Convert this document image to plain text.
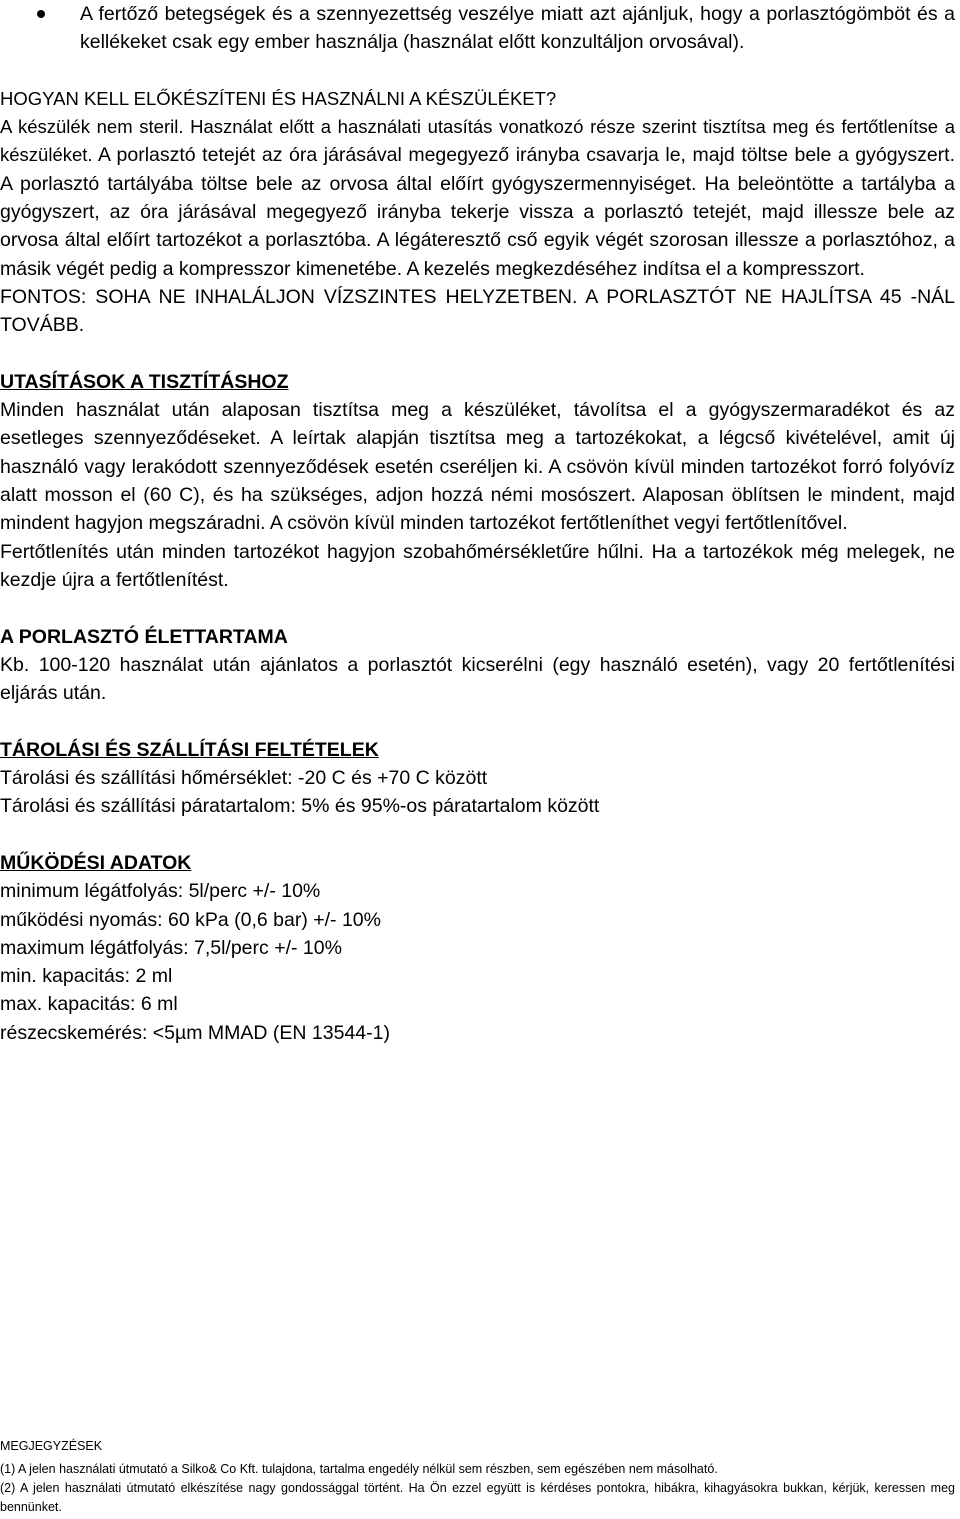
A fertőző betegségek és a szennyezettség veszélye miatt azt ajánljuk, hogy a porlasztógömböt és a kellékeket csak egy ember használja (használat előtt konzultáljon orvosával).

HOGYAN KELL ELŐKÉSZÍTENI ÉS HASZNÁLNI A KÉSZÜLÉKET?

A készülék nem steril. Használat előtt a használati utasítás vonatkozó része szerint tisztítsa meg és fertőtlenítse a készüléket. A porlasztó tetejét az óra járásával megegyező irányba csavarja le, majd töltse bele a gyógyszert. A porlasztó tartályába töltse bele az orvosa által előírt gyógyszermennyiséget. Ha beleöntötte a tartályba a gyógyszert, az óra járásával megegyező irányba tekerje vissza a porlasztó tetejét, majd illessze bele az orvosa által előírt tartozékot a porlasztóba. A légáteresztő cső egyik végét szorosan illessze a porlasztóhoz, a másik végét pedig a kompresszor kimenetébe. A kezelés megkezdéséhez indítsa el a kompresszort.

FONTOS: SOHA NE INHALÁLJON VÍZSZINTES HELYZETBEN. A PORLASZTÓT NE HAJLÍTSA 45 -NÁL TOVÁBB.

UTASÍTÁSOK A TISZTÍTÁSHOZ

Minden használat után alaposan tisztítsa meg a készüléket, távolítsa el a gyógyszermaradékot és az esetleges szennyeződéseket. A leírtak alapján tisztítsa meg a tartozékokat, a légcső kivételével, amit új használó vagy lerakódott szennyeződések esetén cseréljen ki. A csövön kívül minden tartozékot forró folyóvíz alatt mosson el (60 C), és ha szükséges, adjon hozzá némi mosószert. Alaposan öblítsen le mindent, majd mindent hagyjon megszáradni. A csövön kívül minden tartozékot fertőtleníthet vegyi fertőtlenítővel.

Fertőtlenítés után minden tartozékot hagyjon szobahőmérsékletűre hűlni. Ha a tartozékok még melegek, ne kezdje újra a fertőtlenítést.

A PORLASZTÓ ÉLETTARTAMA

Kb. 100-120 használat után ajánlatos a porlasztót kicserélni (egy használó esetén), vagy 20 fertőtlenítési eljárás után.

TÁROLÁSI ÉS SZÁLLÍTÁSI FELTÉTELEK
Tárolási és szállítási hőmérséklet: -20 C és +70 C között
Tárolási és szállítási páratartalom: 5% és 95%-os páratartalom között
MŰKÖDÉSI ADATOK
minimum légátfolyás: 5l/perc +/- 10%
működési nyomás: 60 kPa (0,6 bar) +/- 10%
maximum légátfolyás: 7,5l/perc +/- 10%
min. kapacitás: 2 ml
max. kapacitás: 6 ml
részecskemérés: <5µm MMAD (EN 13544-1)
MEGJEGYZÉSEK

(1) A jelen használati útmutató a Silko& Co Kft. tulajdona, tartalma engedély nélkül sem részben, sem egészében nem másolható.

(2) A jelen használati útmutató elkészítése nagy gondossággal történt. Ha Ön ezzel együtt is kérdéses pontokra, hibákra, kihagyásokra bukkan, kérjük, keressen meg bennünket.
